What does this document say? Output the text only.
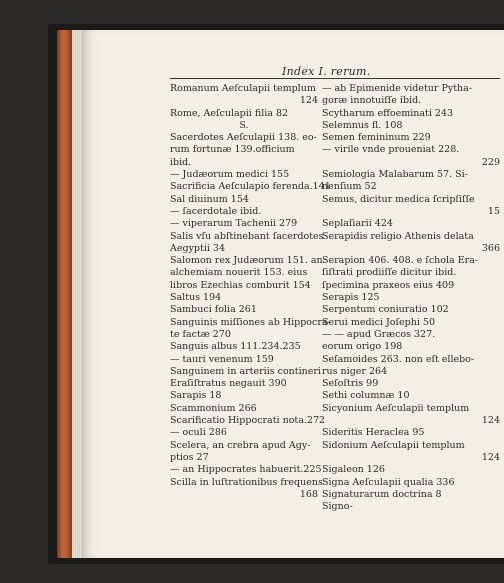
Index I. rerum.
Romanum Aeſculapii templum
124
Rome, Aeſculapii filia 82
S.
Sacerdotes Aeſculapii 138. eo-
rum fortunæ 139.officium
ibid.
— Judæorum medici 155
Sacrificia Aeſculapio ferenda.141
Sal diuinum 154
— ſacerdotale ibid.
— viperarum Tachenii 279
Salis vſu abſtinebant ſacerdotes
Aegyptii 34
Salomon rex Judæorum 151. an
alchemiam nouerit 153. eius
libros Ezechias comburit 154
Saltus 194
Sambuci folia 261
Sanguinis miſſiones ab Hippocra-
te factæ 270
Sanguis albus 111.234.235
— tauri venenum 159
Sanguinem in arteriis contineri
Eraſiſtratus negauit 390
Sarapis 18
Scammonium 266
Scarificatio Hippocrati nota.272
— oculi 286
Scelera, an crebra apud Agy-
ptios 27
— an Hippocrates habuerit.225
Scilla in luſtrationibus frequens
168
— ab Epimenide videtur Pytha-
goræ innotuiſſe ibid.
Scytharum effoeminati 243
Selemnus fl. 108
Semen femininum 229
— virile vnde proueniat 228.
229
Semiologia Malabarum 57. Si-
nenſium 52
Semus, dicitur medica ſcripſiſſe
15
Seplaſiarii 424
Serapidis religio Athenis delata
366
Serapion 406. 408. e ſchola Era-
ſiſtrati prodiiſſe dicitur ibid.
ſpecimina praxeos eius 409
Serapis 125
Serpentum coniuratio 102
Serui medici Joſephi 50
— — apud Græcos 327.
eorum origo 198
Seſamoides 263. non eſt ellebo-
rus niger 264
Seſoſtris 99
Sethi columnæ 10
Sicyonium Aeſculapii templum
124
Sideritis Heraclea 95
Sidonium Aeſculapii templum
124
Sigaleon 126
Signa Aeſculapii qualia 336
Signaturarum doctrina 8
Signo-
